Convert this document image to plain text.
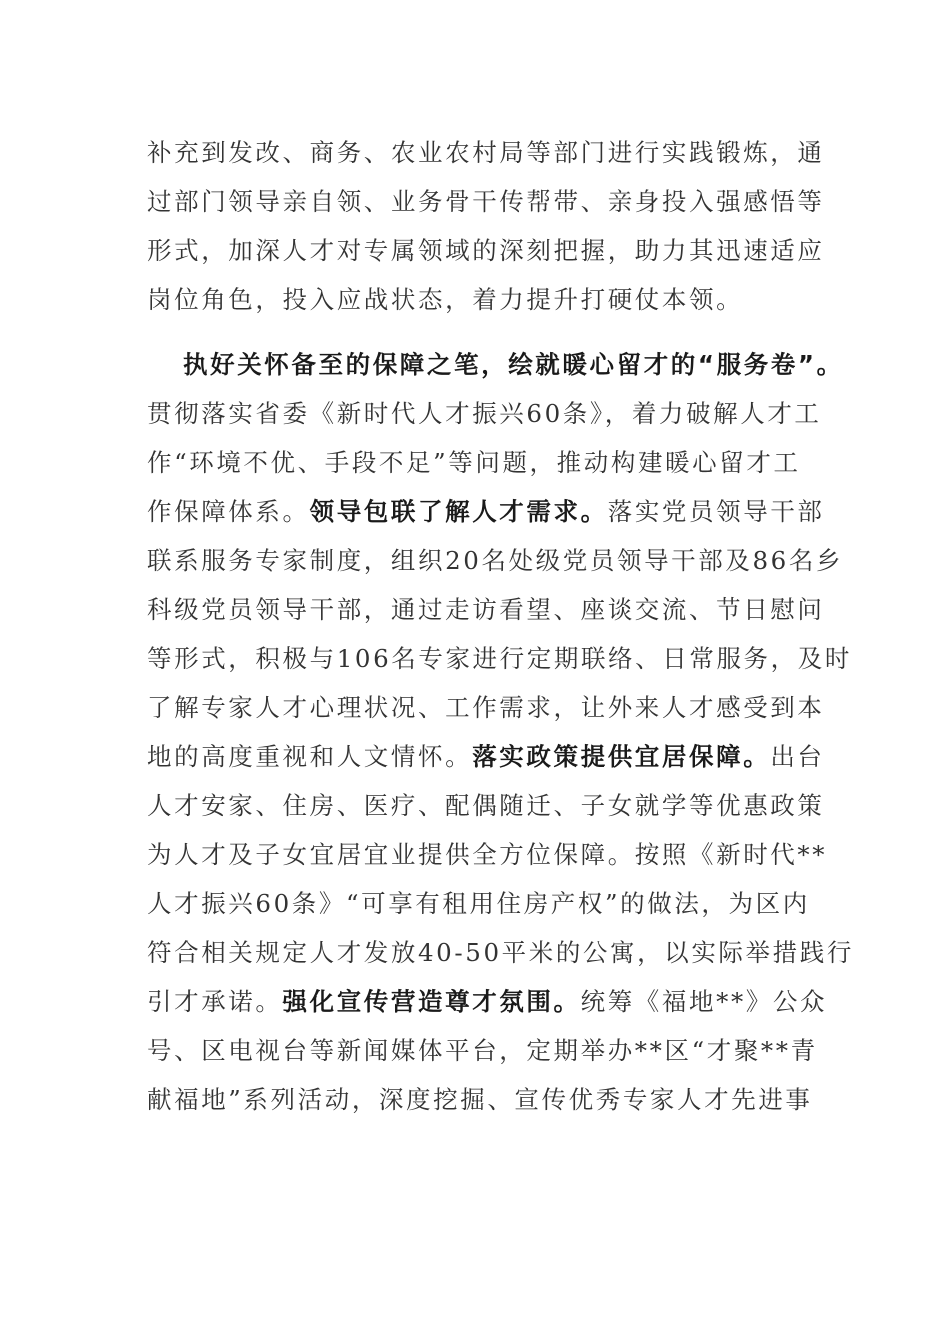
补充到发改、商务、农业农村局等部门进行实践锻炼，通
过部门领导亲自领、业务骨干传帮带、亲身投入强感悟等
形式，加深人才对专属领域的深刻把握，助力其迅速适应
岗位角色，投入应战状态，着力提升打硬仗本领。
执好关怀备至的保障之笔，绘就暖心留才的“服务卷”。
贯彻落实省委《新时代人才振兴60条》，着力破解人才工
作“环境不优、手段不足”等问题，推动构建暖心留才工
作保障体系。领导包联了解人才需求。落实党员领导干部
联系服务专家制度，组织20名处级党员领导干部及86名乡
科级党员领导干部，通过走访看望、座谈交流、节日慰问
等形式，积极与106名专家进行定期联络、日常服务，及时
了解专家人才心理状况、工作需求，让外来人才感受到本
地的高度重视和人文情怀。落实政策提供宜居保障。出台
人才安家、住房、医疗、配偶随迁、子女就学等优惠政策
为人才及子女宜居宜业提供全方位保障。按照《新时代**
人才振兴60条》“可享有租用住房产权”的做法，为区内
符合相关规定人才发放40-50平米的公寓，以实际举措践行
引才承诺。强化宣传营造尊才氛围。统筹《福地**》公众
号、区电视台等新闻媒体平台，定期举办**区“才聚**青
献福地”系列活动，深度挖掘、宣传优秀专家人才先进事
